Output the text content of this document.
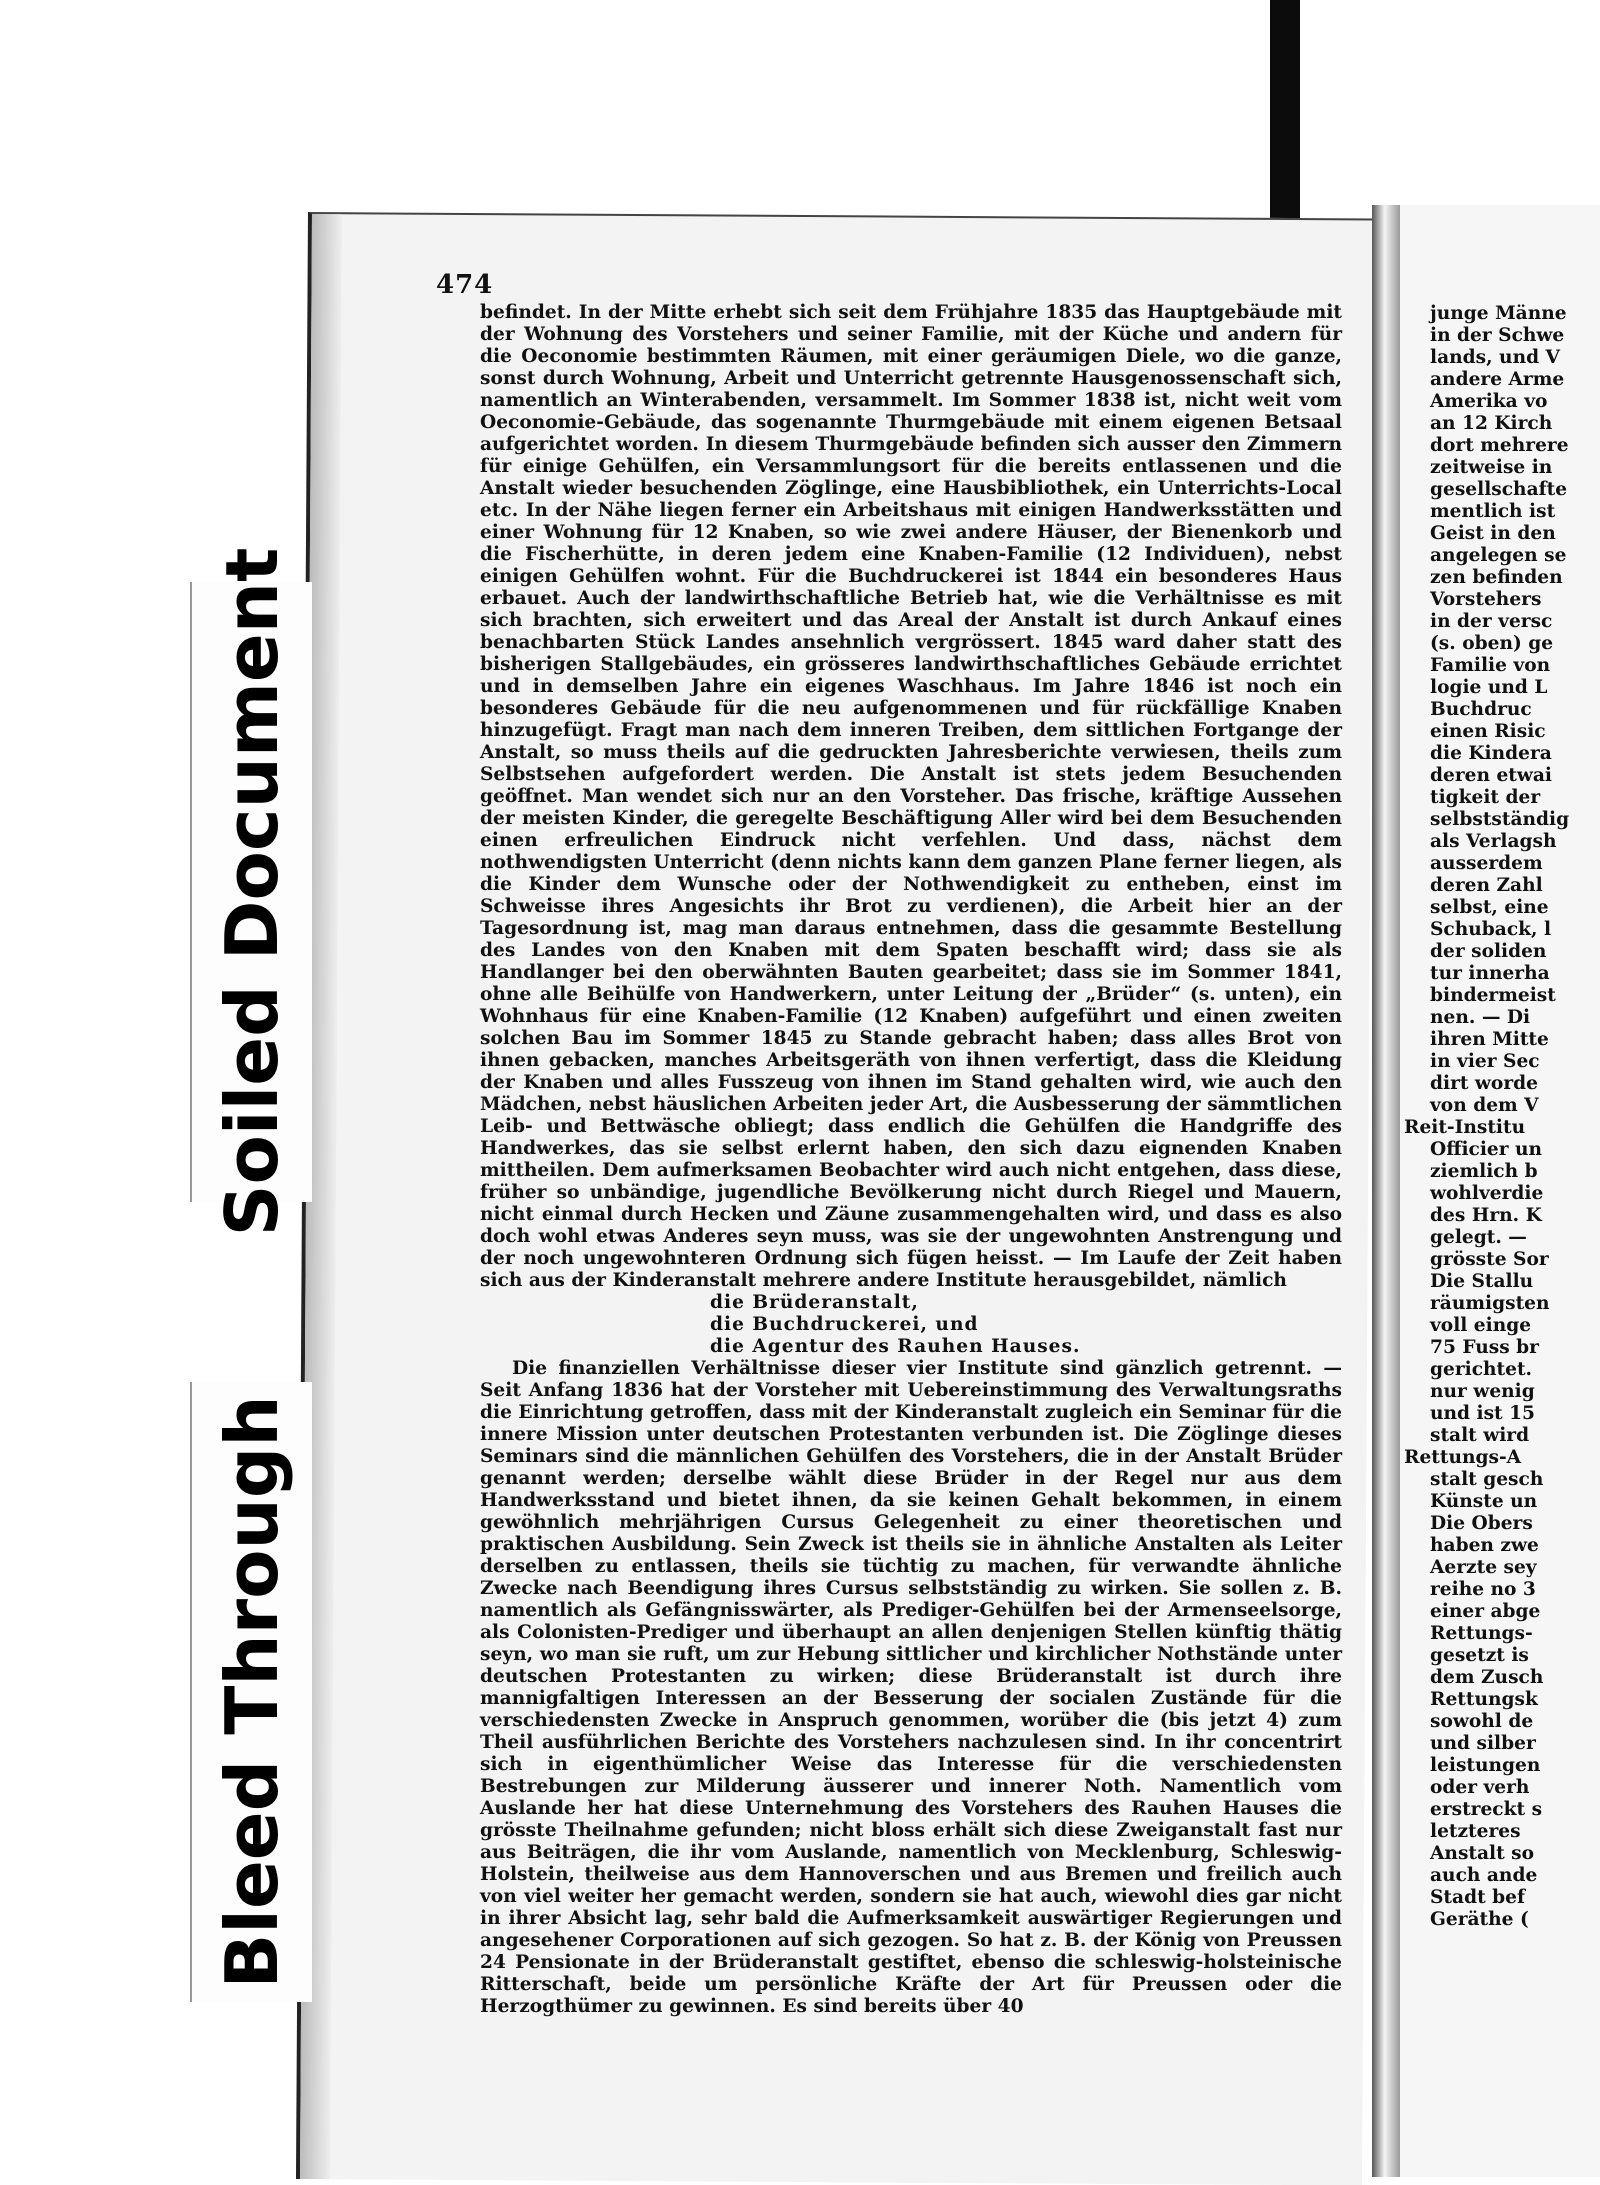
474

befindet. In der Mitte erhebt sich seit dem Frühjahre 1835 das Hauptgebäude mit der Wohnung des Vorstehers und seiner Familie, mit der Küche und andern für die Oeconomie bestimmten Räumen, mit einer geräumigen Diele, wo die ganze, sonst durch Wohnung, Arbeit und Unterricht getrennte Hausgenossenschaft sich, namentlich an Winterabenden, versammelt. Im Sommer 1838 ist, nicht weit vom Oeconomie-Gebäude, das sogenannte Thurmgebäude mit einem eigenen Betsaal aufgerichtet worden. In diesem Thurmgebäude befinden sich ausser den Zimmern für einige Gehülfen, ein Versammlungsort für die bereits entlassenen und die Anstalt wieder besuchenden Zöglinge, eine Hausbibliothek, ein Unterrichts-Local etc. In der Nähe liegen ferner ein Arbeitshaus mit einigen Handwerksstätten und einer Wohnung für 12 Knaben, so wie zwei andere Häuser, der Bienenkorb und die Fischerhütte, in deren jedem eine Knaben-Familie (12 Individuen), nebst einigen Gehülfen wohnt. Für die Buchdruckerei ist 1844 ein besonderes Haus erbauet. Auch der landwirthschaftliche Betrieb hat, wie die Verhältnisse es mit sich brachten, sich erweitert und das Areal der Anstalt ist durch Ankauf eines benachbarten Stück Landes ansehnlich vergrössert. 1845 ward daher statt des bisherigen Stallgebäudes, ein grösseres landwirthschaftliches Gebäude errichtet und in demselben Jahre ein eigenes Waschhaus. Im Jahre 1846 ist noch ein besonderes Gebäude für die neu aufgenommenen und für rückfällige Knaben hinzugefügt. Fragt man nach dem inneren Treiben, dem sittlichen Fortgange der Anstalt, so muss theils auf die gedruckten Jahresberichte verwiesen, theils zum Selbstsehen aufgefordert werden. Die Anstalt ist stets jedem Besuchenden geöffnet. Man wendet sich nur an den Vorsteher. Das frische, kräftige Aussehen der meisten Kinder, die geregelte Beschäftigung Aller wird bei dem Besuchenden einen erfreulichen Eindruck nicht verfehlen. Und dass, nächst dem nothwendigsten Unterricht (denn nichts kann dem ganzen Plane ferner liegen, als die Kinder dem Wunsche oder der Nothwendigkeit zu entheben, einst im Schweisse ihres Angesichts ihr Brot zu verdienen), die Arbeit hier an der Tagesordnung ist, mag man daraus entnehmen, dass die gesammte Bestellung des Landes von den Knaben mit dem Spaten beschafft wird; dass sie als Handlanger bei den oberwähnten Bauten gearbeitet; dass sie im Sommer 1841, ohne alle Beihülfe von Handwerkern, unter Leitung der „Brüder“ (s. unten), ein Wohnhaus für eine Knaben-Familie (12 Knaben) aufgeführt und einen zweiten solchen Bau im Sommer 1845 zu Stande gebracht haben; dass alles Brot von ihnen gebacken, manches Arbeitsgeräth von ihnen verfertigt, dass die Kleidung der Knaben und alles Fusszeug von ihnen im Stand gehalten wird, wie auch den Mädchen, nebst häuslichen Arbeiten jeder Art, die Ausbesserung der sämmtlichen Leib- und Bettwäsche obliegt; dass endlich die Gehülfen die Handgriffe des Handwerkes, das sie selbst erlernt haben, den sich dazu eignenden Knaben mittheilen. Dem aufmerksamen Beobachter wird auch nicht entgehen, dass diese, früher so unbändige, jugendliche Bevölkerung nicht durch Riegel und Mauern, nicht einmal durch Hecken und Zäune zusammengehalten wird, und dass es also doch wohl etwas Anderes seyn muss, was sie der ungewohnten Anstrengung und der noch ungewohnteren Ordnung sich fügen heisst. — Im Laufe der Zeit haben sich aus der Kinderanstalt mehrere andere Institute herausgebildet, nämlich

die Brüderanstalt,
die Buchdruckerei, und
die Agentur des Rauhen Hauses.

Die finanziellen Verhältnisse dieser vier Institute sind gänzlich getrennt. — Seit Anfang 1836 hat der Vorsteher mit Uebereinstimmung des Verwaltungsraths die Einrichtung getroffen, dass mit der Kinderanstalt zugleich ein Seminar für die innere Mission unter deutschen Protestanten verbunden ist. Die Zöglinge dieses Seminars sind die männlichen Gehülfen des Vorstehers, die in der Anstalt Brüder genannt werden; derselbe wählt diese Brüder in der Regel nur aus dem Handwerksstand und bietet ihnen, da sie keinen Gehalt bekommen, in einem gewöhnlich mehrjährigen Cursus Gelegenheit zu einer theoretischen und praktischen Ausbildung. Sein Zweck ist theils sie in ähnliche Anstalten als Leiter derselben zu entlassen, theils sie tüchtig zu machen, für verwandte ähnliche Zwecke nach Beendigung ihres Cursus selbstständig zu wirken. Sie sollen z. B. namentlich als Gefängnisswärter, als Prediger-Gehülfen bei der Armenseelsorge, als Colonisten-Prediger und überhaupt an allen denjenigen Stellen künftig thätig seyn, wo man sie ruft, um zur Hebung sittlicher und kirchlicher Nothstände unter deutschen Protestanten zu wirken; diese Brüderanstalt ist durch ihre mannigfaltigen Interessen an der Besserung der socialen Zustände für die verschiedensten Zwecke in Anspruch genommen, worüber die (bis jetzt 4) zum Theil ausführlichen Berichte des Vorstehers nachzulesen sind. In ihr concentrirt sich in eigenthümlicher Weise das Interesse für die verschiedensten Bestrebungen zur Milderung äusserer und innerer Noth. Namentlich vom Auslande her hat diese Unternehmung des Vorstehers des Rauhen Hauses die grösste Theilnahme gefunden; nicht bloss erhält sich diese Zweiganstalt fast nur aus Beiträgen, die ihr vom Auslande, namentlich von Mecklenburg, Schleswig-Holstein, theilweise aus dem Hannoverschen und aus Bremen und freilich auch von viel weiter her gemacht werden, sondern sie hat auch, wiewohl dies gar nicht in ihrer Absicht lag, sehr bald die Aufmerksamkeit auswärtiger Regierungen und angesehener Corporationen auf sich gezogen. So hat z. B. der König von Preussen 24 Pensionate in der Brüderanstalt gestiftet, ebenso die schleswig-holsteinische Ritterschaft, beide um persönliche Kräfte der Art für Preussen oder die Herzogthümer zu gewinnen. Es sind bereits über 40

junge Männe
in der Schwe
lands, und V
andere Arme
Amerika vo
an 12 Kirch
dort mehrere
zeitweise in
gesellschafte
mentlich ist
Geist in den
angelegen se
zen befinden
Vorstehers
in der versc
(s. oben) ge
Familie von
logie und L
Buchdruc
einen Risic
die Kindera
deren etwai
tigkeit der
selbstständig
als Verlagsh
ausserdem
deren Zahl
selbst, eine
Schuback, l
der soliden
tur innerha
bindermeist
nen. — Di
ihren Mitte
in vier Sec
dirt worde
von dem V
Reit-Institu
Officier un
ziemlich b
wohlverdie
des Hrn. K
gelegt. —
grösste Sor
Die Stallu
räumigsten
voll einge
75 Fuss br
gerichtet.
nur wenig
und ist 15
stalt wird
Rettungs-A
stalt gesch
Künste un
Die Obers
haben zwe
Aerzte sey
reihe no 3
einer abge
Rettungs-
gesetzt is
dem Zusch
Rettungsk
sowohl de
und silber
leistungen
oder verh
erstreckt s
letzteres
Anstalt so
auch ande
Stadt bef
Geräthe (
Soiled Document
Bleed Through
